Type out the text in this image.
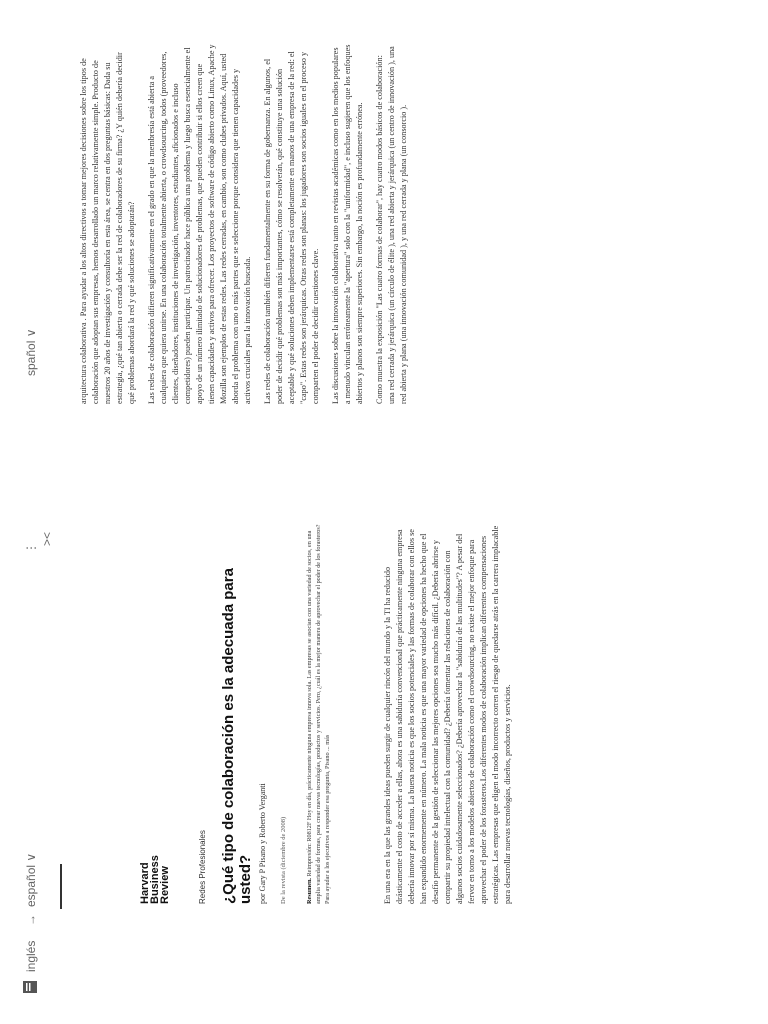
inglés
→
español ∨
⋮
><
spañol ∨
Harvard
Business
Review	Redes Profesionales ¿Qué tipo de colaboración es la adecuada para usted? por Gary P Pisano y Roberto Verganti De la revista (diciembre de 2008)	Resumen. Reimpresión: R0812F Hoy en día, prácticamente ninguna empresa innova sola. Las empresas se asocian con una variedad de socios, en una amplia variedad de formas, para crear nuevas tecnologías, productos y servicios. Pero, ¿cuál es la mejor manera de aprovechar el poder de los forasteros? Para ayudar a los ejecutivos a responder esa pregunta, Pisano ... más	En una era en la que las grandes ideas pueden surgir de cualquier rincón del mundo y la TI ha reducido drásticamente el costo de acceder a ellas, ahora es una sabiduría convencional que prácticamente ninguna empresa debería innovar por sí misma. La buena noticia es que los socios potenciales y las formas de colaborar con ellos se han expandido enormemente en número. La mala noticia es que una mayor variedad de opciones ha hecho que el desafío permanente de la gestión de seleccionar las mejores opciones sea mucho más difícil. ¿Debería abrirse y compartir su propiedad intelectual con la comunidad? ¿Debería fomentar las relaciones de colaboración con algunos socios cuidadosamente seleccionados? ¿Debería aprovechar la "sabiduría de las multitudes"? A pesar del fervor en torno a los modelos abiertos de colaboración como el crowdsourcing, no existe el mejor enfoque para aprovechar el poder de los forasteros.Los diferentes modos de colaboración implican diferentes compensaciones estratégicas. Las empresas que eligen el modo incorrecto corren el riesgo de quedarse atrás en la carrera implacable para desarrollar nuevas tecnologías, diseños, productos y servicios.

arquitectura colaborativa . Para ayudar a los altos directivos a tomar mejores decisiones sobre los tipos de colaboración que adoptan sus empresas, hemos desarrollado un marco relativamente simple. Producto de nuestros 20 años de investigación y consultoría en esta área, se centra en dos preguntas básicas: Dada su estrategia, ¿qué tan abierta o cerrada debe ser la red de colaboradores de su firma? ¿Y quién debería decidir qué problemas abordará la red y qué soluciones se adoptarán? Las redes de colaboración difieren significativamente en el grado en que la membresía está abierta a cualquiera que quiera unirse. En una colaboración totalmente abierta, o crowdsourcing, todos (proveedores, clientes, diseñadores, instituciones de investigación, inventores, estudiantes, aficionados e incluso competidores) pueden participar. Un patrocinador hace pública una problema y luego busca esencialmente el apoyo de un número ilimitado de solucionadores de problemas, que pueden contribuir si ellos creen que tienen capacidades y activos para ofrecer. Los proyectos de software de código abierto como Linux, Apache y Mozilla son ejemplos de estas redes. Las redes cerradas, en cambio, son como clubes privados. Aquí, usted aborda el problema con uno o más partes que se seleccione porque considera que tienen capacidades y activos cruciales para la innovación buscada. Las redes de colaboración también difieren fundamentalmente en su forma de gobernanza. En algunos, el poder de decidir qué problemas son más importantes, cómo se resolverán, qué constituye una solución aceptable y qué soluciones deben implementarse está completamente en manos de una empresa de la red: el "capo". Estas redes son jerárquicas. Otras redes son planas: los jugadores son socios iguales en el proceso y comparten el poder de decidir cuestiones clave. Las discusiones sobre la innovación colaborativa tanto en revistas académicas como en los medios populares a menudo vinculan erróneamente la "apertura" solo con la "uniformidad", e incluso sugieren que los enfoques abiertos y planos son siempre superiores. Sin embargo, la noción es profundamente errónea. Como muestra la exposición "Las cuatro formas de colaborar", hay cuatro modos básicos de colaboración: una red cerrada y jerárquica (un círculo de élite ), una red abierta y jerárquica (un centro de innovación ), una red abierta y plana (una innovación comunidad ), y una red cerrada y plana (un consorcio ).
